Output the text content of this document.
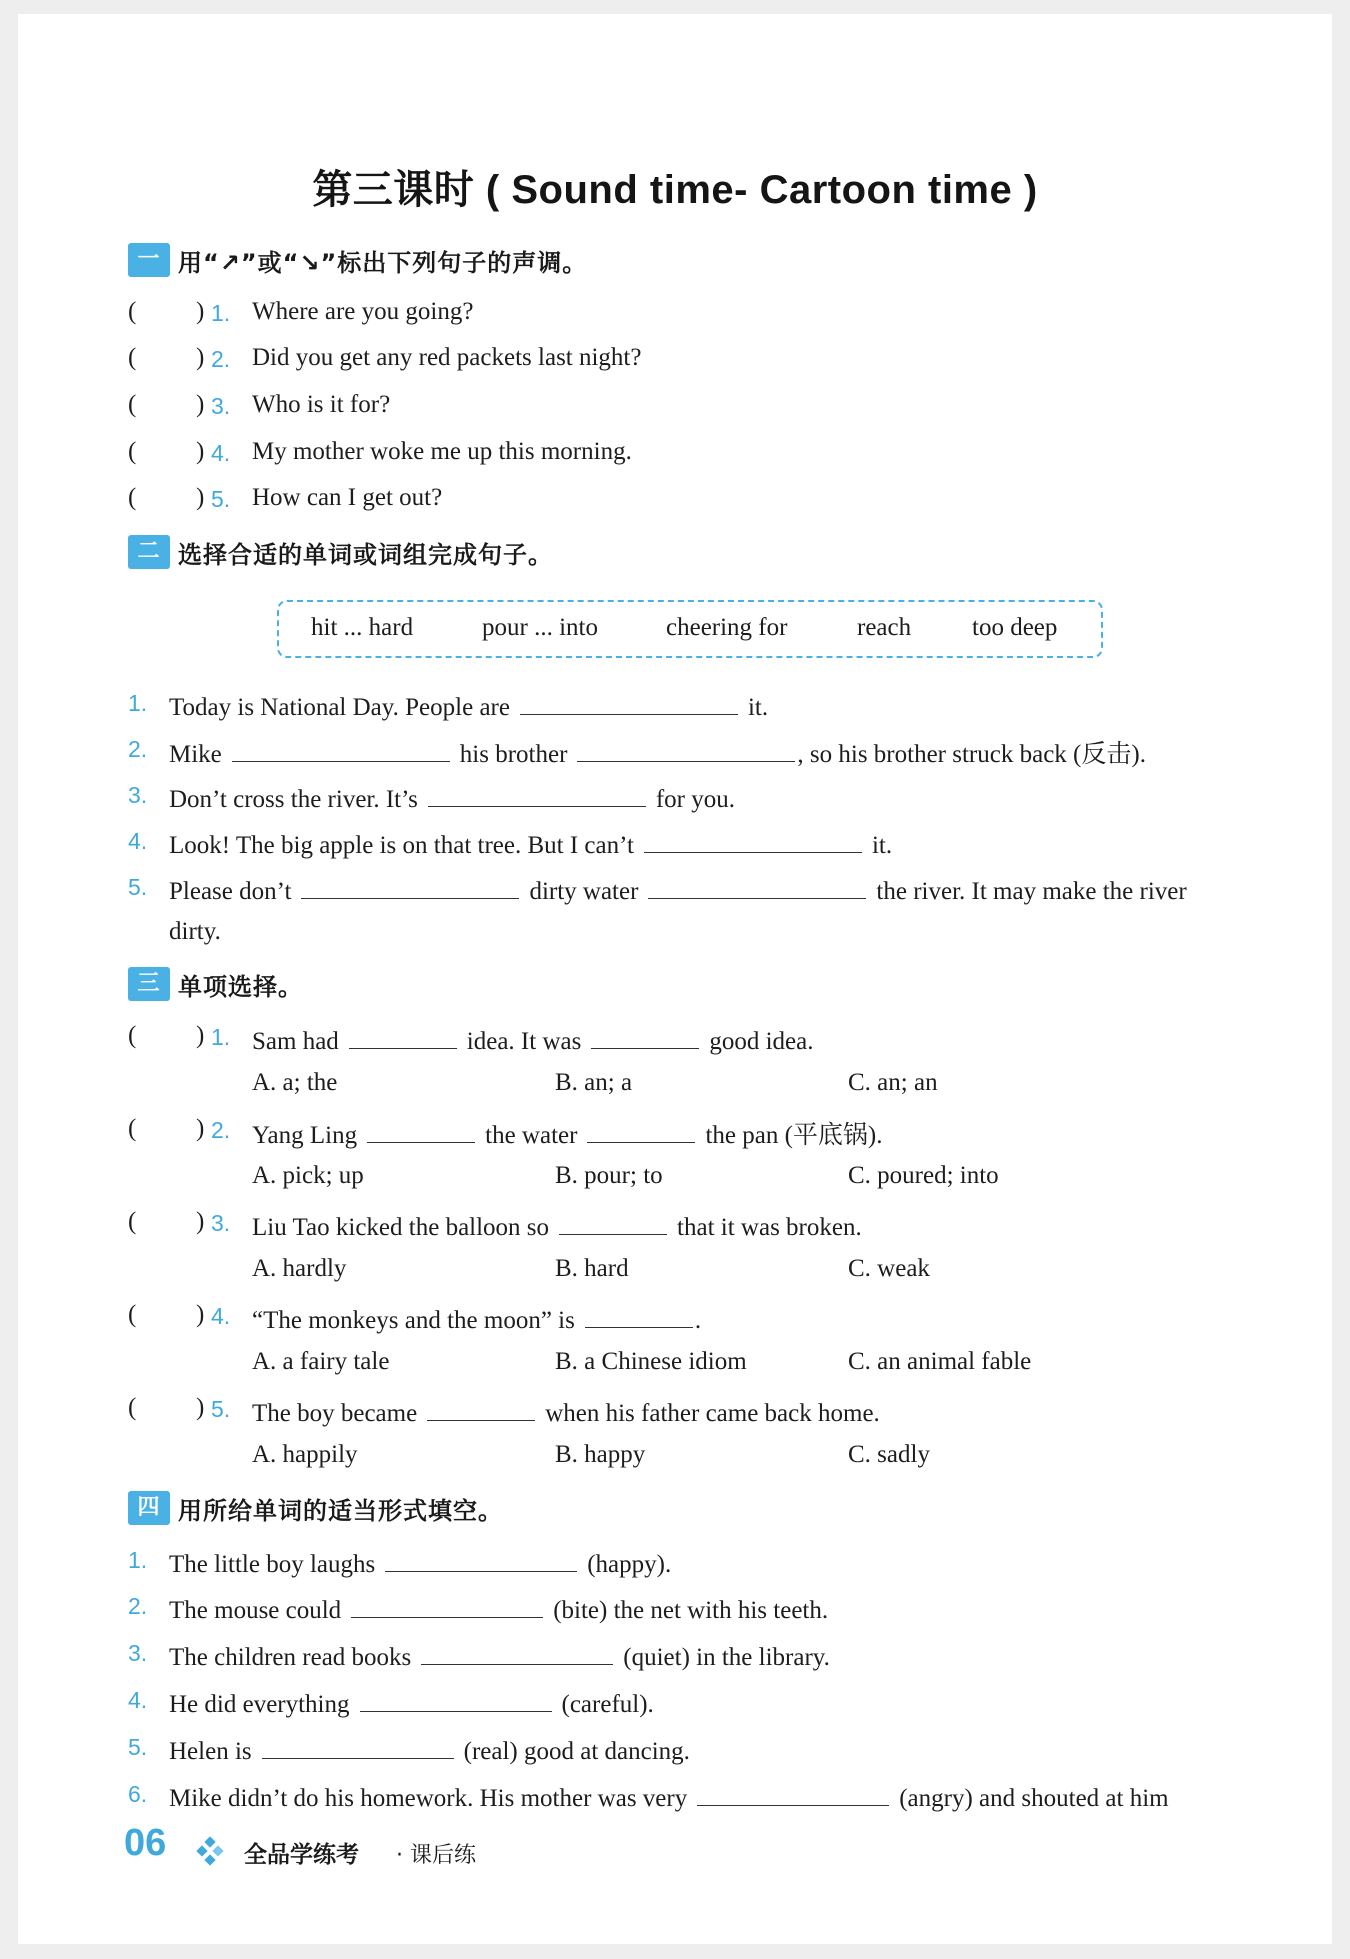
第三课时 ( Sound time- Cartoon time )
一 用“↗”或“↘”标出下列句子的声调。
( ) 1. Where are you going?
( ) 2. Did you get any red packets last night?
( ) 3. Who is it for?
( ) 4. My mother woke me up this morning.
( ) 5. How can I get out?
二 选择合适的单词或词组完成句子。
hit ... hard	pour ... into	cheering for	reach too deep
1. Today is National Day. People are	it.
2. Mike	his brother	, so his brother struck back (反击).
3. Don’t cross the river. It’s	for you.
4. Look! The big apple is on that tree. But I can’t	it.
5. Please don’t	dirty water	the river. It may make the river
dirty.
三 单项选择。
( ) 1. Sam had	idea. It was	good idea.
A. a; the	B. an; a	C. an; an
( ) 2. Yang Ling	the water	the pan (平底锅).
A. pick; up	B. pour; to	C. poured; into
( ) 3. Liu Tao kicked the balloon so	that it was broken.
A. hardly	B. hard	C. weak
( ) 4. “The monkeys and the moon” is	.
A. a fairy tale	B. a Chinese idiom	C. an animal fable
( ) 5. The boy became	when his father came back home.
A. happily	B. happy	C. sadly
四 用所给单词的适当形式填空。
1. The little boy laughs	(happy).
2. The mouse could	(bite) the net with his teeth.
3. The children read books	(quiet) in the library.
4. He did everything	(careful).
5. Helen is	(real) good at dancing.
6. Mike didn’t do his homework. His mother was very	(angry) and shouted at him
06	全品学练考 · 课后练
